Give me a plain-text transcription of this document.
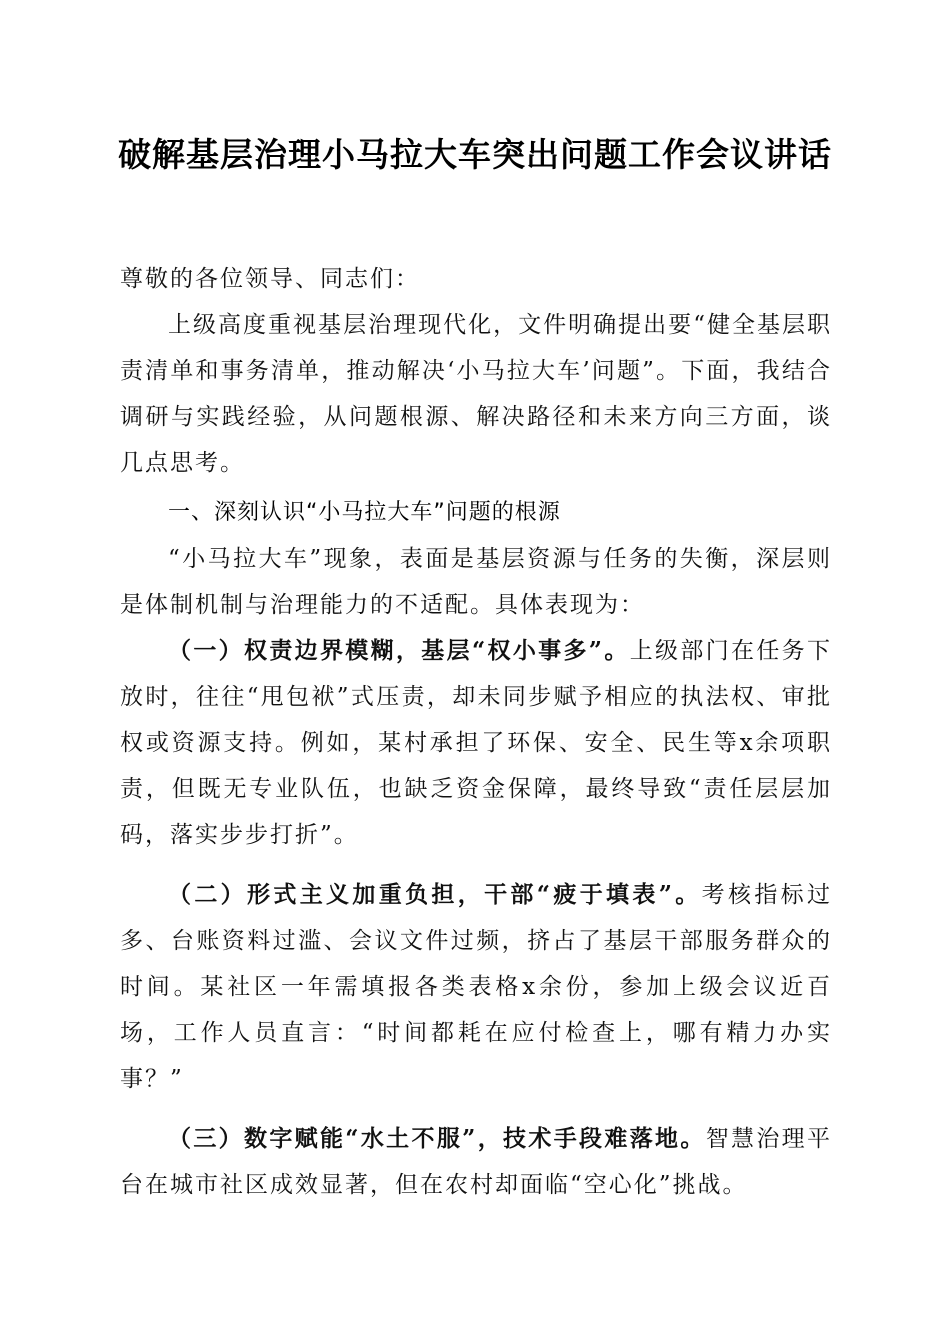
破解基层治理小马拉大车突出问题工作会议讲话

尊敬的各位领导、同志们：

上级高度重视基层治理现代化，文件明确提出要“健全基层职责清单和事务清单，推动解决‘小马拉大车’问题”。下面，我结合调研与实践经验，从问题根源、解决路径和未来方向三方面，谈几点思考。

一、深刻认识“小马拉大车”问题的根源

“小马拉大车”现象，表面是基层资源与任务的失衡，深层则是体制机制与治理能力的不适配。具体表现为：

（一）权责边界模糊，基层“权小事多”。上级部门在任务下放时，往往“甩包袱”式压责，却未同步赋予相应的执法权、审批权或资源支持。例如，某村承担了环保、安全、民生等x余项职责，但既无专业队伍，也缺乏资金保障，最终导致“责任层层加码，落实步步打折”。

（二）形式主义加重负担，干部“疲于填表”。考核指标过多、台账资料过滥、会议文件过频，挤占了基层干部服务群众的时间。某社区一年需填报各类表格x余份，参加上级会议近百场，工作人员直言：“时间都耗在应付检查上，哪有精力办实事？”

（三）数字赋能“水土不服”，技术手段难落地。智慧治理平台在城市社区成效显著，但在农村却面临“空心化”挑战。
